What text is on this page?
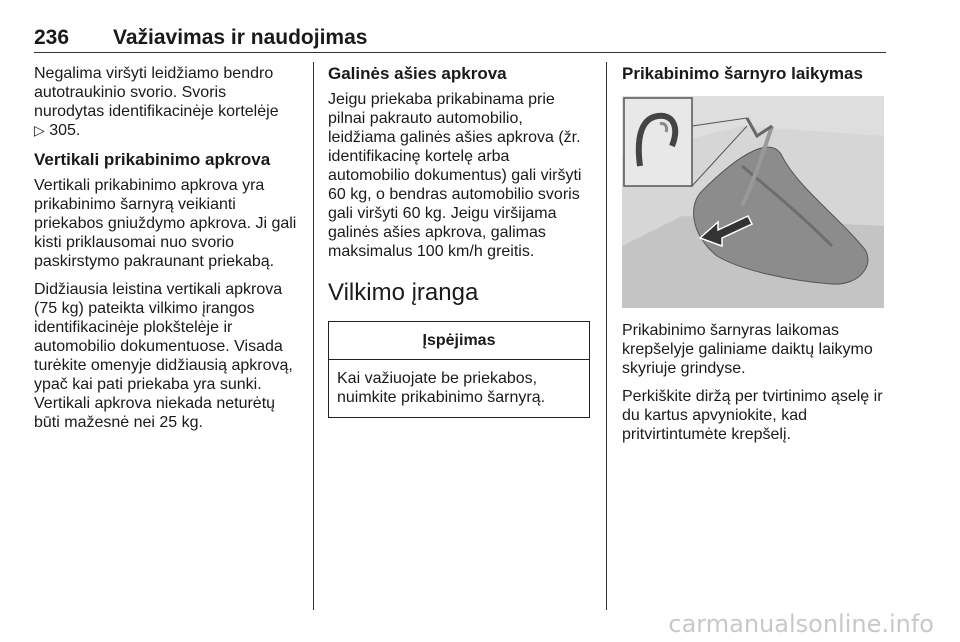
236 Važiavimas ir naudojimas

Negalima viršyti leidžiamo bendro autotraukinio svorio. Svoris nurodytas identifikacinėje kortelėje
▷ 305.

Vertikali prikabinimo apkrova

Vertikali prikabinimo apkrova yra prikabinimo šarnyrą veikianti priekabos gniuždymo apkrova. Ji gali kisti priklausomai nuo svorio paskirstymo pakraunant priekabą.

Didžiausia leistina vertikali apkrova (75 kg) pateikta vilkimo įrangos identifikacinėje plokštelėje ir automobilio dokumentuose. Visada turėkite omenyje didžiausią apkrovą, ypač kai pati priekaba yra sunki. Vertikali apkrova niekada neturėtų būti mažesnė nei 25 kg.

Galinės ašies apkrova

Jeigu priekaba prikabinama prie pilnai pakrauto automobilio, leidžiama galinės ašies apkrova (žr. identifikacinę kortelę arba automobilio dokumentus) gali viršyti 60 kg, o bendras automobilio svoris gali viršyti 60 kg. Jeigu viršijama galinės ašies apkrova, galimas maksimalus 100 km/h greitis.

Vilkimo įranga
Įspėjimas
Kai važiuojate be priekabos, nuimkite prikabinimo šarnyrą.
Prikabinimo šarnyro laikymas

Prikabinimo šarnyras laikomas krepšelyje galiniame daiktų laikymo skyriuje grindyse.

Perkiškite diržą per tvirtinimo ąselę ir du kartus apvyniokite, kad pritvirtintumėte krepšelį.

carmanualsonline.info
